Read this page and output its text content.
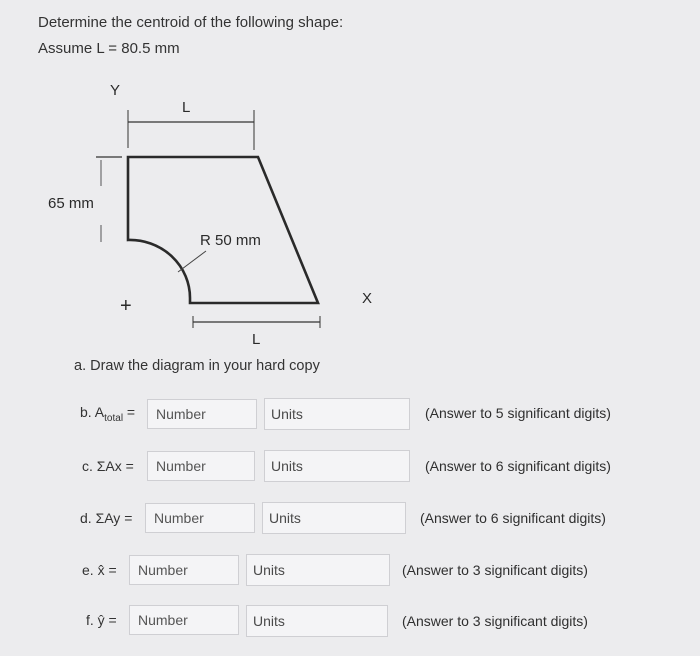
Determine the centroid of the following shape:
Assume L = 80.5 mm
Y
L
65 mm
R 50 mm
+	X
L
a. Draw the diagram in your hard copy
b. $A_{total}$ =
Number	Units	(Answer to 5 significant digits)
c. ΣAx =
Number	Units	(Answer to 6 significant digits)
d. ΣAy =
Number	Units	(Answer to 6 significant digits)
e. x̂ =
Number	Units	(Answer to 3 significant digits)
f. ŷ =
Number	Units	(Answer to 3 significant digits)
